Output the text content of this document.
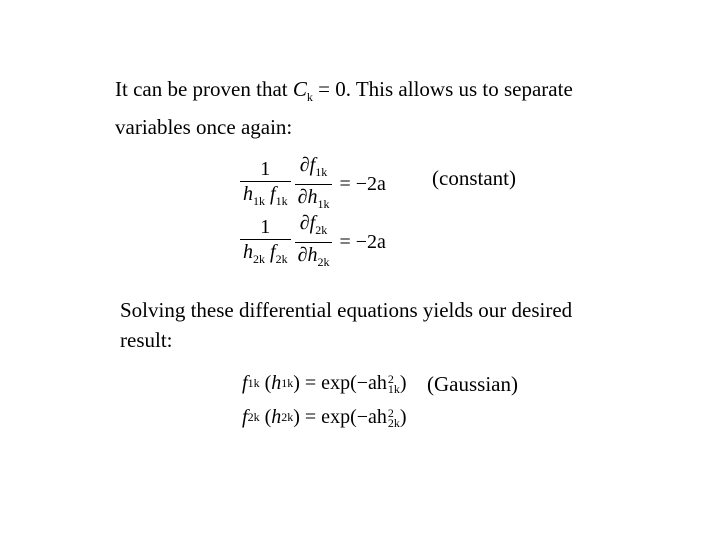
It can be proven that $C_k = 0$. This allows us to separate variables once again:
$\frac{1}{h_{1k} f_{1k}} \frac{\partial f_{1k}}{\partial h_{1k}} = -2a$ (constant)
$\frac{1}{h_{2k} f_{2k}} \frac{\partial f_{2k}}{\partial h_{2k}} = -2a$
Solving these differential equations yields our desired result:
f 1k ( h 1k ) = exp(−ah 2
1k ) (Gaussian)
f 2k ( h 2k ) = exp(−ah 2
2k )
